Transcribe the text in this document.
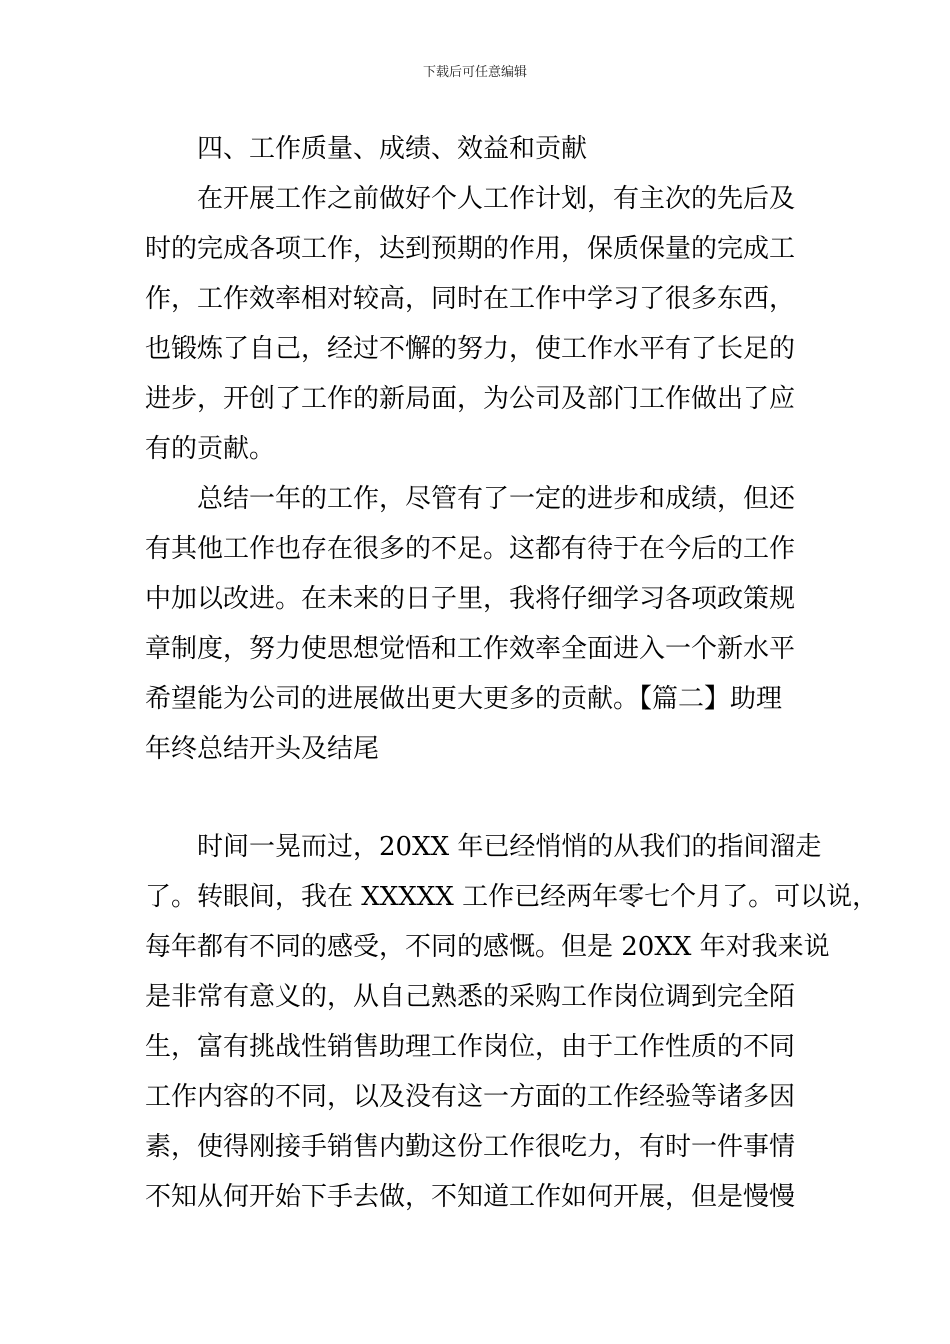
下载后可任意编辑
四、工作质量、成绩、效益和贡献
在开展工作之前做好个人工作计划，有主次的先后及
时的完成各项工作，达到预期的作用，保质保量的完成工
作，工作效率相对较高，同时在工作中学习了很多东西，
也锻炼了自己，经过不懈的努力，使工作水平有了长足的
进步，开创了工作的新局面，为公司及部门工作做出了应
有的贡献。
总结一年的工作，尽管有了一定的进步和成绩，但还
有其他工作也存在很多的不足。这都有待于在今后的工作
中加以改进。在未来的日子里，我将仔细学习各项政策规
章制度，努力使思想觉悟和工作效率全面进入一个新水平
希望能为公司的进展做出更大更多的贡献。【篇二】助理
年终总结开头及结尾
时间一晃而过，20XX 年已经悄悄的从我们的指间溜走
了。转眼间，我在 XXXXX 工作已经两年零七个月了。可以说，
每年都有不同的感受，不同的感慨。但是 20XX 年对我来说
是非常有意义的，从自己熟悉的采购工作岗位调到完全陌
生，富有挑战性销售助理工作岗位，由于工作性质的不同
工作内容的不同，以及没有这一方面的工作经验等诸多因
素，使得刚接手销售内勤这份工作很吃力，有时一件事情
不知从何开始下手去做，不知道工作如何开展，但是慢慢
